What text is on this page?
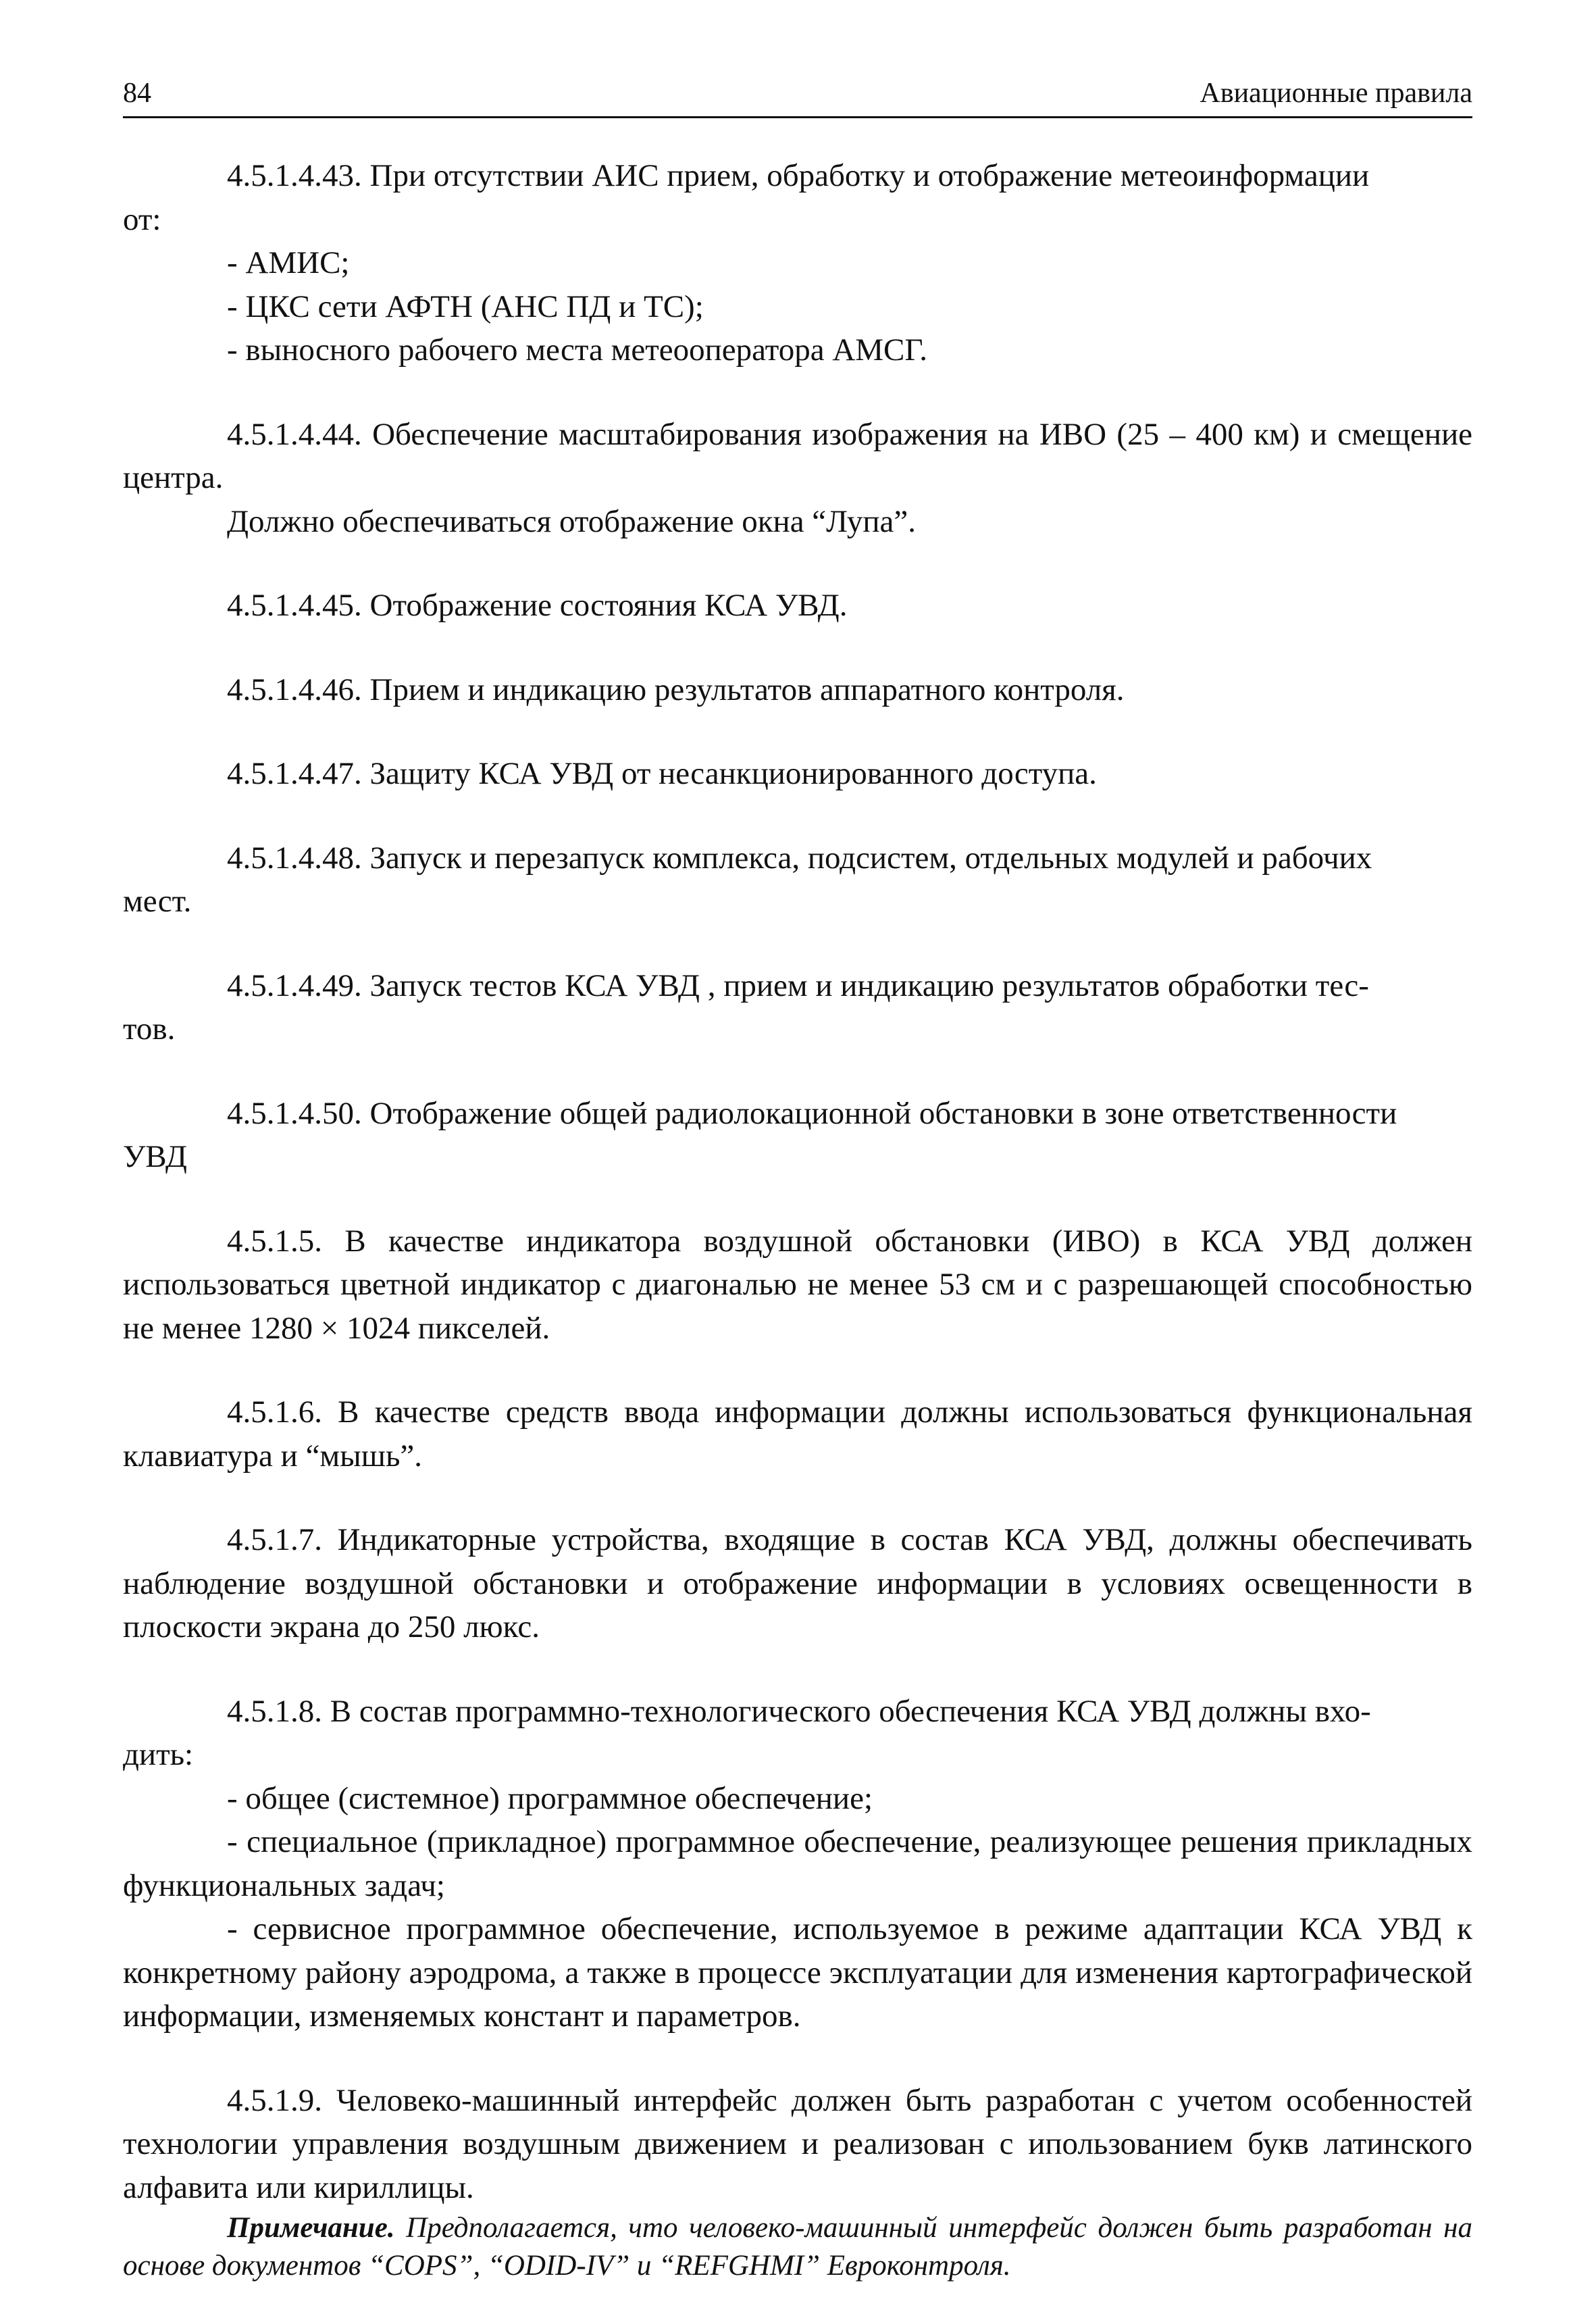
84	Авиационные правила

4.5.1.4.43. При отсутствии АИС прием, обработку и отображение метеоинформации

от:

- АМИС;

- ЦКС сети АФТН (АНС ПД и ТС);

- выносного рабочего места метеооператора АМСГ.

4.5.1.4.44. Обеспечение масштабирования изображения на ИВО (25 – 400 км) и смещение центра.

Должно обеспечиваться отображение окна “Лупа”.

4.5.1.4.45. Отображение состояния КСА УВД.

4.5.1.4.46. Прием и индикацию результатов аппаратного контроля.

4.5.1.4.47. Защиту КСА УВД от несанкционированного доступа.

4.5.1.4.48. Запуск и перезапуск комплекса, подсистем, отдельных модулей и рабочих

мест.

4.5.1.4.49. Запуск тестов КСА УВД , прием и индикацию результатов обработки тес-

тов.

4.5.1.4.50. Отображение общей радиолокационной обстановки в зоне ответственности

УВД

4.5.1.5. В качестве индикатора воздушной обстановки (ИВО) в КСА УВД должен использоваться цветной индикатор с диагональю не менее 53 см и с разрешающей способностью не менее 1280 × 1024 пикселей.

4.5.1.6. В качестве средств ввода информации должны использоваться функциональная клавиатура и “мышь”.

4.5.1.7. Индикаторные устройства, входящие в состав КСА УВД, должны обеспечивать наблюдение воздушной обстановки и отображение информации в условиях освещенности в плоскости экрана до 250 люкс.

4.5.1.8. В состав программно-технологического обеспечения КСА УВД должны вхо-

дить:

- общее (системное) программное обеспечение;

- специальное (прикладное) программное обеспечение, реализующее решения прикладных функциональных задач;

- сервисное программное обеспечение, используемое в режиме адаптации КСА УВД к конкретному району аэродрома, а также в процессе эксплуатации для изменения картографической информации, изменяемых констант и параметров.

4.5.1.9. Человеко-машинный интерфейс должен быть разработан с учетом особенностей технологии управления воздушным движением и реализован с ипользованием букв латинского алфавита или кириллицы.

Примечание. Предполагается, что человеко-машинный интерфейс должен быть разработан на основе документов “COPS”, “ODID-IV” и “REFGHMI” Евроконтроля.
